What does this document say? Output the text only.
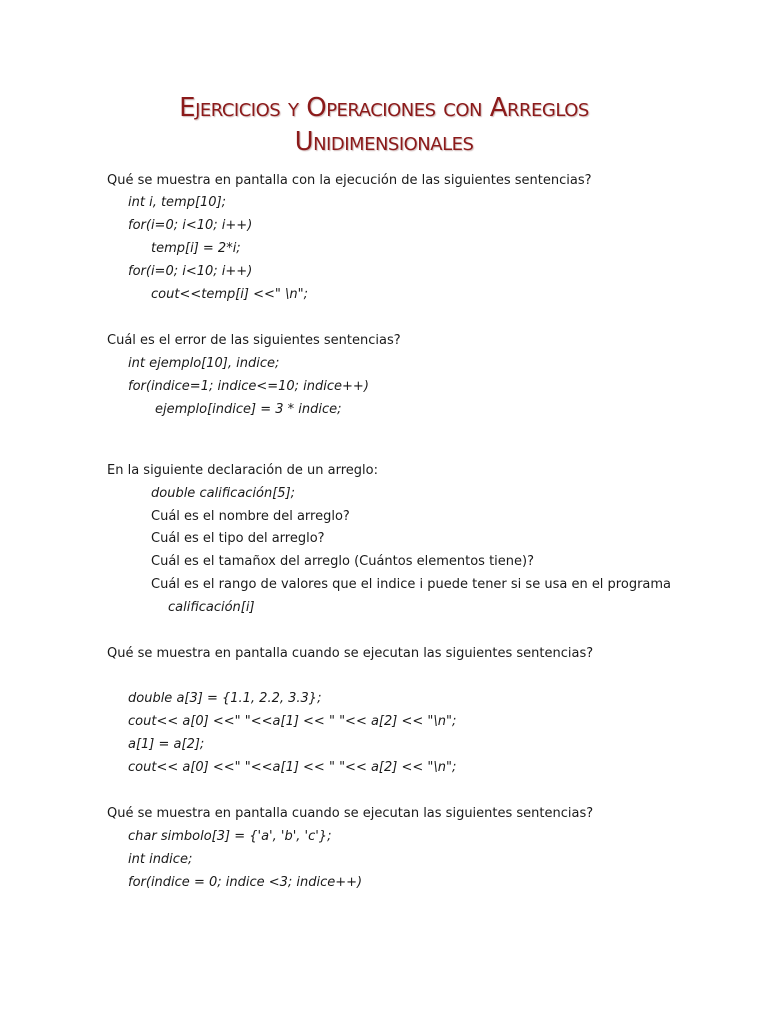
Ejercicios y Operaciones con Arreglos
Unidimensionales
Qué se muestra en pantalla con la ejecución de las siguientes sentencias?
int i, temp[10];
for(i=0; i<10; i++)
temp[i] = 2*i;
for(i=0; i<10; i++)
cout<<temp[i] <<" \n";
Cuál es el error de las siguientes sentencias?
int ejemplo[10], indice;
for(indice=1; indice<=10; indice++)
ejemplo[indice] = 3 * indice;
En la siguiente declaración de un arreglo:
double calificación[5];
Cuál es el nombre del arreglo?
Cuál es el tipo del arreglo?
Cuál es el tamañox del arreglo (Cuántos elementos tiene)?
Cuál es el rango de valores que el indice i puede tener si se usa en el programa
calificación[i]
Qué se muestra en pantalla cuando se ejecutan las siguientes sentencias?
double a[3] = {1.1, 2.2, 3.3};
cout<< a[0] <<" "<<a[1] << " "<< a[2] << "\n";
a[1] = a[2];
cout<< a[0] <<" "<<a[1] << " "<< a[2] << "\n";
Qué se muestra en pantalla cuando se ejecutan las siguientes sentencias?
char simbolo[3] = {'a', 'b', 'c'};
int indice;
for(indice = 0; indice <3; indice++)
